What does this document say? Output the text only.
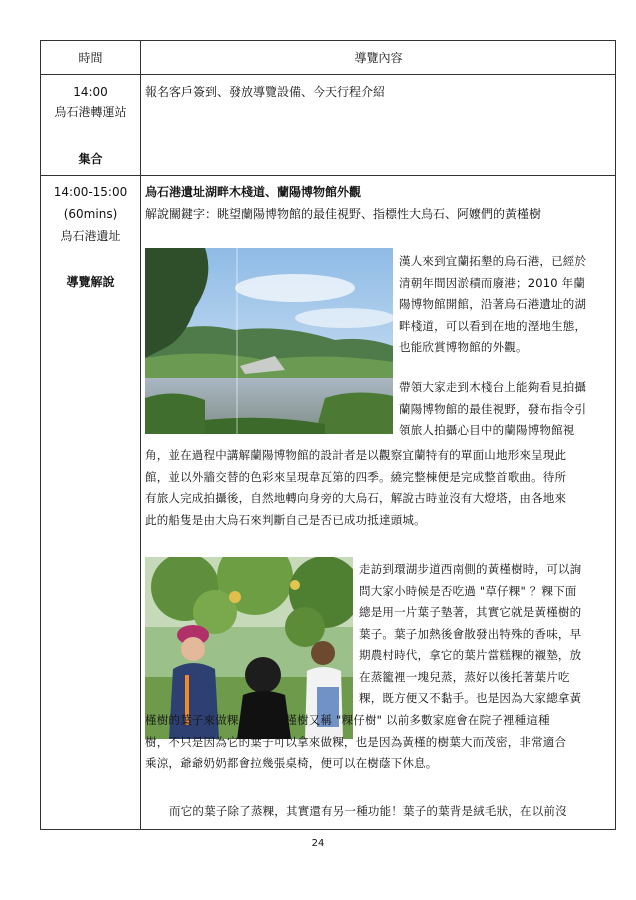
時間	導覽內容
14:00
烏石港轉運站
集合
報名客戶簽到、發放導覽設備、今天行程介紹
14:00-15:00
(60mins)
烏石港遺址
導覽解說
烏石港遺址湖畔木棧道、蘭陽博物館外觀
解說關鍵字：眺望蘭陽博物館的最佳視野、指標性大烏石、阿嬤們的黃槿樹
漢人來到宜蘭拓墾的烏石港，已經於
清朝年間因淤積而廢港；2010 年蘭
陽博物館開館，沿著烏石港遺址的湖
畔棧道，可以看到在地的溼地生態，
也能欣賞博物館的外觀。
帶領大家走到木棧台上能夠看見拍攝
蘭陽博物館的最佳視野，發布指令引
領旅人拍攝心目中的蘭陽博物館視
角，並在過程中講解蘭陽博物館的設計者是以觀察宜蘭特有的單面山地形來呈現此
館，並以外牆交替的色彩來呈現韋瓦第的四季。繞完整棟便是完成整首歌曲。待所
有旅人完成拍攝後，自然地轉向身旁的大烏石，解說古時並沒有大燈塔，由各地來
此的船隻是由大烏石來判斷自己是否已成功抵達頭城。
走訪到環湖步道西南側的黃槿樹時，可以詢
問大家小時候是否吃過 "草仔粿" ？粿下面
總是用一片葉子墊著，其實它就是黃槿樹的
葉子。葉子加熱後會散發出特殊的香味，早
期農村時代，拿它的葉片當糕粿的襯墊，放
在蒸籠裡一塊兒蒸，蒸好以後托著葉片吃
粿，既方便又不黏手。也是因為大家總拿黃
槿樹的葉子來做粿，所以黃槿樹又稱 "粿仔樹" 以前多數家庭會在院子裡種這種
樹，不只是因為它的葉子可以拿來做粿，也是因為黃槿的樹葉大而茂密，非常適合
乘涼，爺爺奶奶都會拉幾張桌椅，便可以在樹蔭下休息。
而它的葉子除了蒸粿，其實還有另一種功能！葉子的葉背是絨毛狀，在以前沒
24
